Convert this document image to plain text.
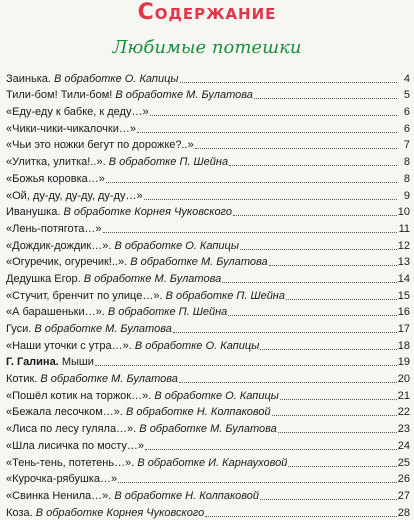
Содержание
Любимые потешки
Заинька. В обработке О. Капицы	4
Тили-бом! Тили-бом! В обработке М. Булатова	5
«Еду-еду к бабке, к деду…»	6
«Чики-чики-чикалочки…»	6
«Чьи это ножки бегут по дорожке?..»	7
«Улитка, улитка!..». В обработке П. Шейна	8
«Божья коровка…»	8
«Ой, ду-ду, ду-ду, ду-ду…»	9
Иванушка. В обработке Корнея Чуковского	10
«Лень-потягота…»	11
«Дождик-дождик…». В обработке О. Капицы	12
«Огуречик, огуречик!..». В обработке М. Булатова	13
Дедушка Егор. В обработке М. Булатова	14
«Стучит, бренчит по улице…». В обработке П. Шейна	15
«А барашеньки…». В обработке П. Шейна	16
Гуси. В обработке М. Булатова	17
«Наши уточки с утра…». В обработке О. Капицы	18
Г. Галина. Мыши	19
Котик. В обработке М. Булатова	20
«Пошёл котик на торжок…». В обработке О. Капицы	21
«Бежала лесочком…». В обработке Н. Колпаковой	22
«Лиса по лесу гуляла…». В обработке М. Булатова	23
«Шла лисичка по мосту…»	24
«Тень-тень, потетень…». В обработке И. Карнауховой	25
«Курочка-рябушка…»	26
«Свинка Ненила…». В обработке Н. Колпаковой	27
Коза. В обработке Корнея Чуковского	28
